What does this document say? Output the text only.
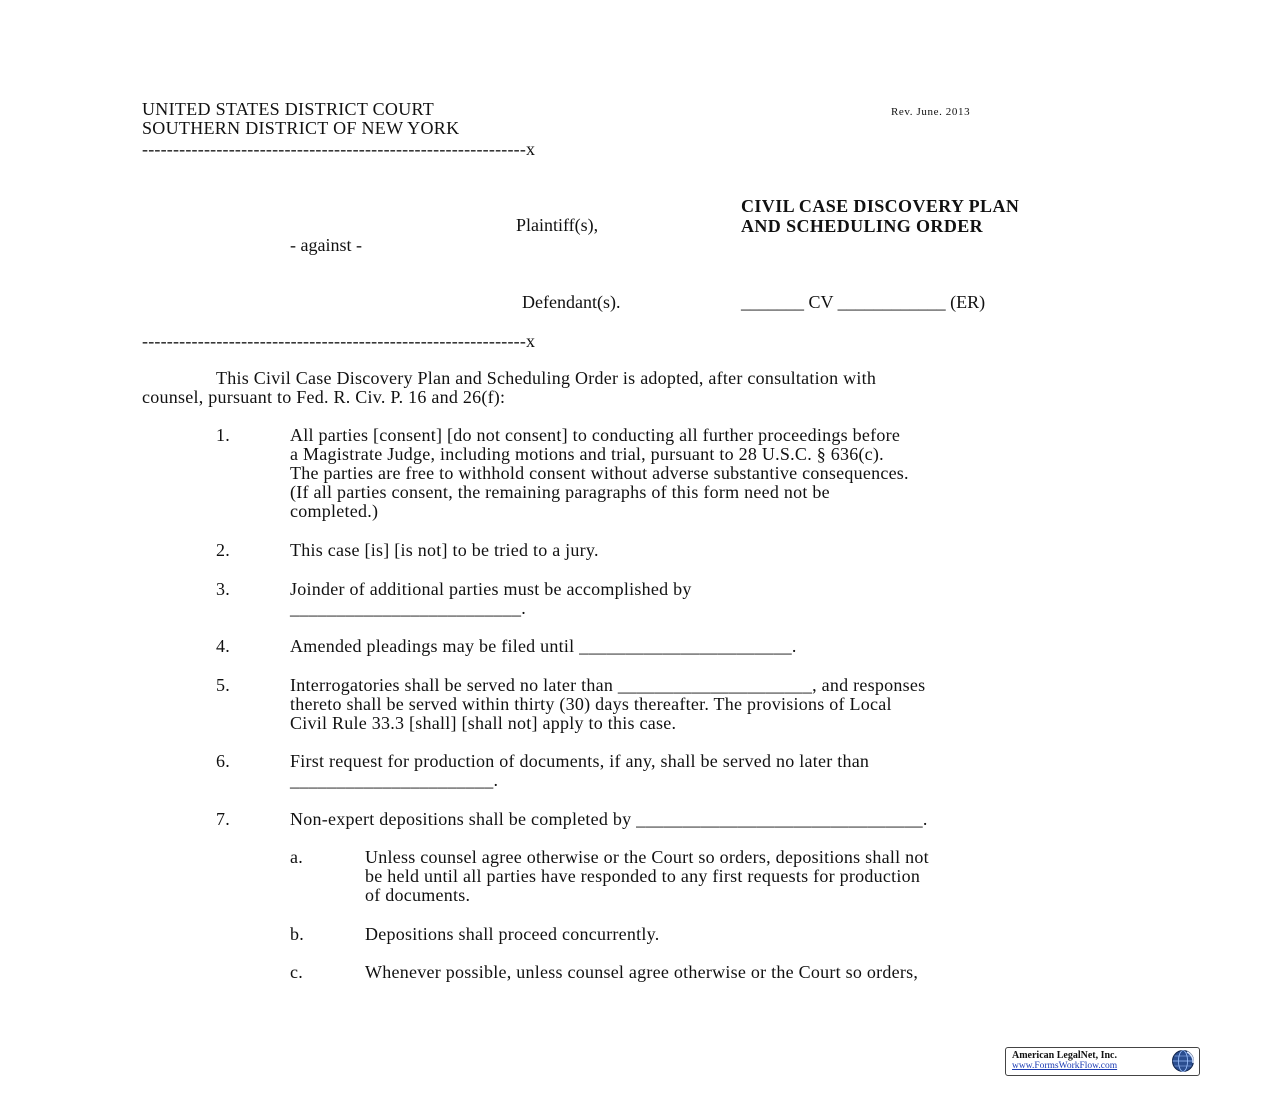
UNITED STATES DISTRICT COURT
SOUTHERN DISTRICT OF NEW YORK
Rev. June. 2013
--------------------------------------------------------------x
CIVIL CASE DISCOVERY PLAN
AND SCHEDULING ORDER
Plaintiff(s),
- against -
Defendant(s).	_______ CV ____________ (ER)
--------------------------------------------------------------x
This Civil Case Discovery Plan and Scheduling Order is adopted, after consultation with
counsel, pursuant to Fed. R. Civ. P. 16 and 26(f):
1.	All parties [consent] [do not consent] to conducting all further proceedings before
a Magistrate Judge, including motions and trial, pursuant to 28 U.S.C. § 636(c).
The parties are free to withhold consent without adverse substantive consequences.
(If all parties consent, the remaining paragraphs of this form need not be
completed.)
2.	This case [is] [is not] to be tried to a jury.
3.	Joinder of additional parties must be accomplished by
_________________________.
4.	Amended pleadings may be filed until _______________________.
5.	Interrogatories shall be served no later than _____________________, and responses
thereto shall be served within thirty (30) days thereafter. The provisions of Local
Civil Rule 33.3 [shall] [shall not] apply to this case.
6.	First request for production of documents, if any, shall be served no later than
______________________.
7.	Non-expert depositions shall be completed by _______________________________.
a.	Unless counsel agree otherwise or the Court so orders, depositions shall not
be held until all parties have responded to any first requests for production
of documents.
b.	Depositions shall proceed concurrently.
c.	Whenever possible, unless counsel agree otherwise or the Court so orders,
American LegalNet, Inc.
www.FormsWorkFlow.com
